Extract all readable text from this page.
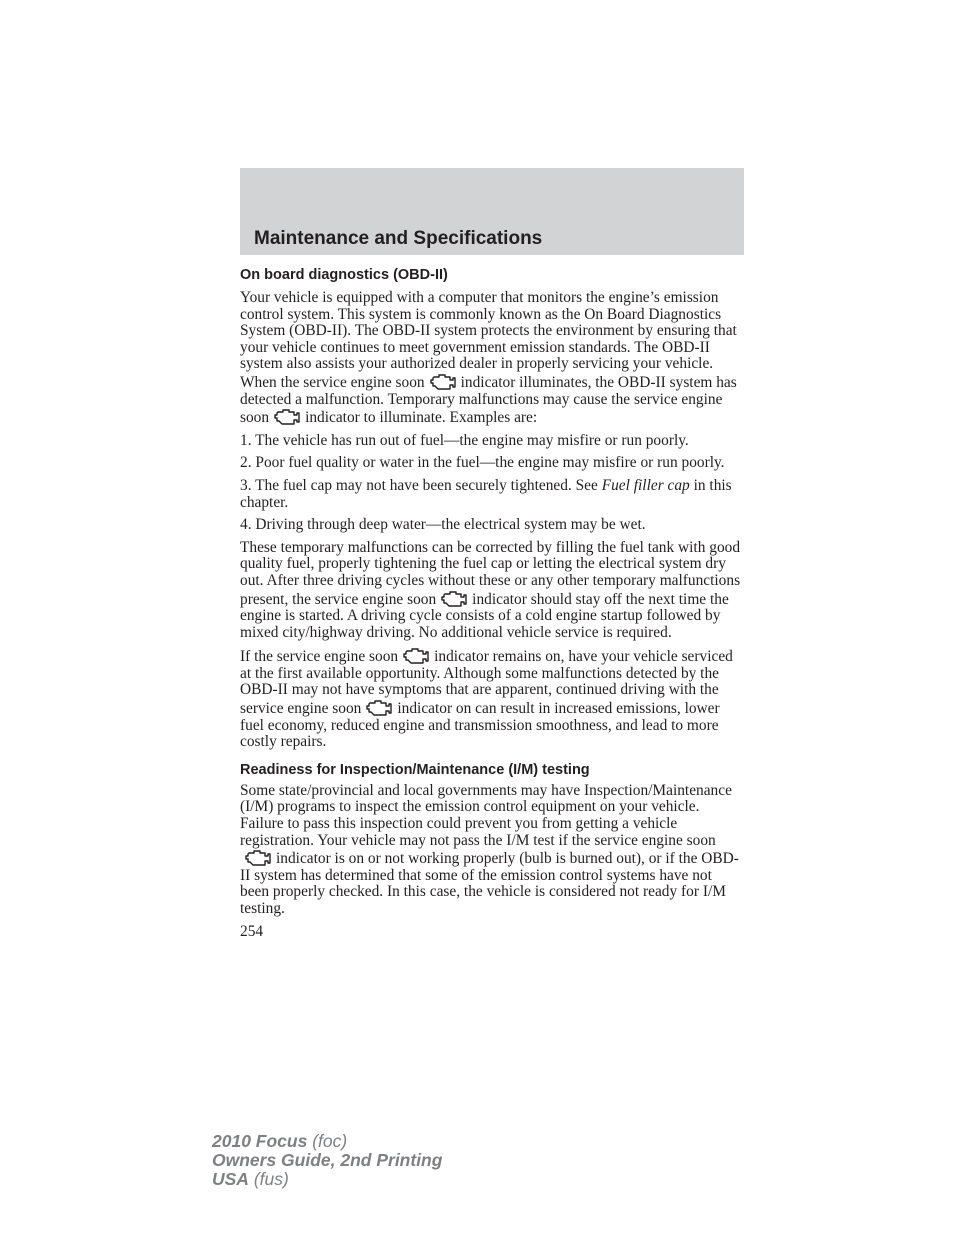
Maintenance and Specifications
On board diagnostics (OBD-II)

Your vehicle is equipped with a computer that monitors the engine’s emission control system. This system is commonly known as the On Board Diagnostics System (OBD-II). The OBD-II system protects the environment by ensuring that your vehicle continues to meet government emission standards. The OBD-II system also assists your authorized dealer in properly servicing your vehicle. When the service engine soon indicator illuminates, the OBD-II system has detected a malfunction. Temporary malfunctions may cause the service engine soon indicator to illuminate. Examples are:

1. The vehicle has run out of fuel—the engine may misfire or run poorly.

2. Poor fuel quality or water in the fuel—the engine may misfire or run poorly.

3. The fuel cap may not have been securely tightened. See Fuel filler cap in this chapter.

4. Driving through deep water—the electrical system may be wet.

These temporary malfunctions can be corrected by filling the fuel tank with good quality fuel, properly tightening the fuel cap or letting the electrical system dry out. After three driving cycles without these or any other temporary malfunctions present, the service engine soon indicator should stay off the next time the engine is started. A driving cycle consists of a cold engine startup followed by mixed city/highway driving. No additional vehicle service is required.

If the service engine soon indicator remains on, have your vehicle serviced at the first available opportunity. Although some malfunctions detected by the OBD-II may not have symptoms that are apparent, continued driving with the service engine soon indicator on can result in increased emissions, lower fuel economy, reduced engine and transmission smoothness, and lead to more costly repairs.

Readiness for Inspection/Maintenance (I/M) testing

Some state/provincial and local governments may have Inspection/Maintenance (I/M) programs to inspect the emission control equipment on your vehicle. Failure to pass this inspection could prevent you from getting a vehicle registration. Your vehicle may not pass the I/M test if the service engine soon
indicator is on or not working properly (bulb is burned out), or if the OBD-II system has determined that some of the emission control systems have not been properly checked. In this case, the vehicle is considered not ready for I/M testing.

254
2010 Focus (foc)
Owners Guide, 2nd Printing
USA (fus)
